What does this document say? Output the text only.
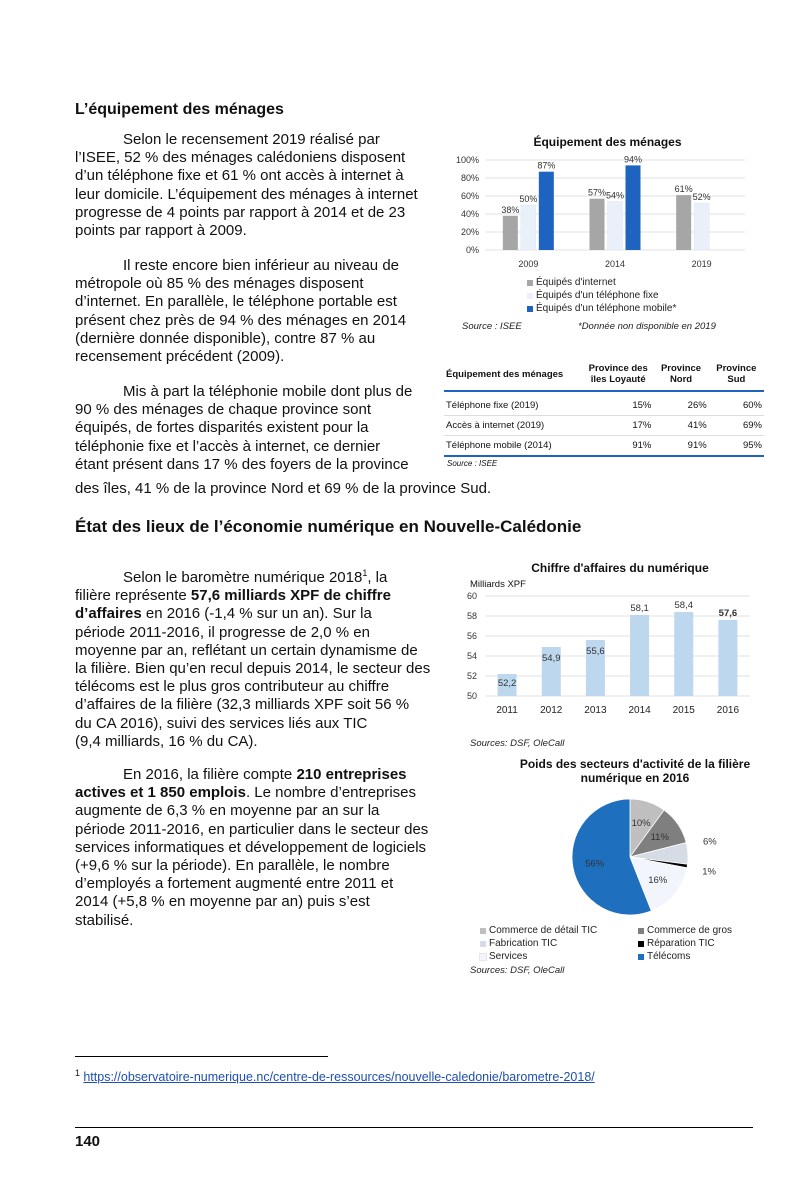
L’équipement des ménages
Selon le recensement 2019 réalisé par
l’ISEE, 52 % des ménages calédoniens disposent
d’un téléphone fixe et 61 % ont accès à internet à
leur domicile. L’équipement des ménages à internet
progresse de 4 points par rapport à 2014 et de 23
points par rapport à 2009.
Il reste encore bien inférieur au niveau de
métropole où 85 % des ménages disposent
d’internet. En parallèle, le téléphone portable est
présent chez près de 94 % des ménages en 2014
(dernière donnée disponible), contre 87 % au
recensement précédent (2009).
Mis à part la téléphonie mobile dont plus de
90 % des ménages de chaque province sont
équipés, de fortes disparités existent pour la
téléphonie fixe et l’accès à internet, ce dernier
étant présent dans 17 % des foyers de la province
des îles, 41 % de la province Nord et 69 % de la province Sud.
Équipement des ménages
0%
20%
40%
60%
80%
100%
2009
38%
50%
87%
2014
57% 54%
94%
2019
61%
52%
Équipés d'internet
Équipés d'un téléphone fixe
Équipés d'un téléphone mobile*
Source : ISEE	*Donnée non disponible en 2019
Équipement des ménages	Province des îles Loyauté	Province Nord	Province Sud
Téléphone fixe (2019)	15%	26%	60%
Accès à internet (2019)	17%	41%	69%
Téléphone mobile (2014)	91%	91%	95%
Source : ISEE
État des lieux de l’économie numérique en Nouvelle-Calédonie
Selon le baromètre numérique 2018$^1$, la
filière représente 57,6 milliards XPF de chiffre
d’affaires en 2016 (-1,4 % sur un an). Sur la
période 2011-2016, il progresse de 2,0 % en
moyenne par an, reflétant un certain dynamisme de
la filière. Bien qu’en recul depuis 2014, le secteur des
télécoms est le plus gros contributeur au chiffre
d’affaires de la filière (32,3 milliards XPF soit 56 %
du CA 2016), suivi des services liés aux TIC
(9,4 milliards, 16 % du CA).
En 2016, la filière compte 210 entreprises
actives et 1 850 emplois. Le nombre d’entreprises
augmente de 6,3 % en moyenne par an sur la
période 2011-2016, en particulier dans le secteur des
services informatiques et développement de logiciels
(+9,6 % sur la période). En parallèle, le nombre
d’employés a fortement augmenté entre 2011 et
2014 (+5,8 % en moyenne par an) puis s’est
stabilisé.
Chiffre d'affaires du numérique
Milliards XPF
50
52
54
56
58
60
2011
52,2
2012
54,9
2013
55,6
2014
58,1
2015
58,4
2016
57,6
Sources: DSF, OleCall
Poids des secteurs d'activité de la filière numérique en 2016
10%
11%	6%
1%
16%
56%
Commerce de détail TIC	Commerce de gros
Fabrication TIC	Réparation TIC
Services	Télécoms
Sources: DSF, OleCall
$^1$ https://observatoire-numerique.nc/centre-de-ressources/nouvelle-caledonie/barometre-2018/
140
